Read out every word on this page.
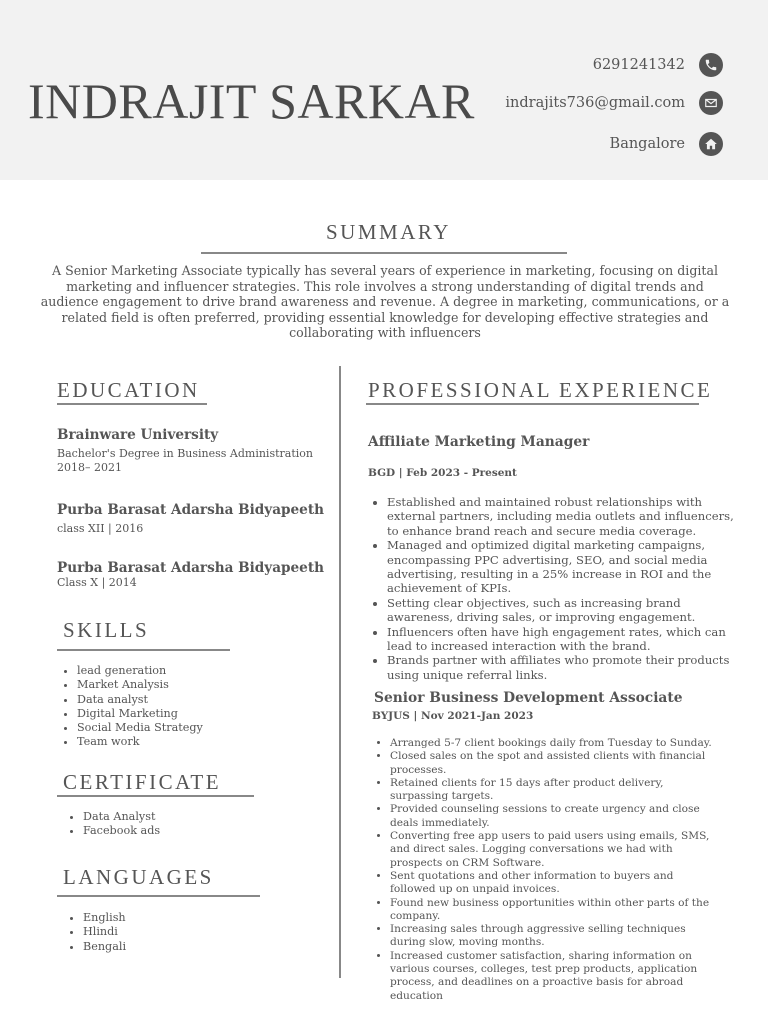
INDRAJIT SARKAR
6291241342
indrajits736@gmail.com
Bangalore
SUMMARY

A Senior Marketing Associate typically has several years of experience in marketing, focusing on digital marketing and influencer strategies. This role involves a strong understanding of digital trends and audience engagement to drive brand awareness and revenue. A degree in marketing, communications, or a related field is often preferred, providing essential knowledge for developing effective strategies and collaborating with influencers

EDUCATION
Brainware University
Bachelor's Degree in Business Administration
2018– 2021
Purba Barasat Adarsha Bidyapeeth
class XII | 2016
Purba Barasat Adarsha Bidyapeeth
Class X | 2014
SKILLS
• lead generation
• Market Analysis
• Data analyst
• Digital Marketing
• Social Media Strategy
• Team work
CERTIFICATE
• Data Analyst
• Facebook ads
LANGUAGES
• English
• Hlindi
• Bengali
PROFESSIONAL EXPERIENCE
Affiliate Marketing Manager
BGD | Feb 2023 - Present
• Established and maintained robust relationships with external partners, including media outlets and influencers, to enhance brand reach and secure media coverage.
• Managed and optimized digital marketing campaigns, encompassing PPC advertising, SEO, and social media advertising, resulting in a 25% increase in ROI and the achievement of KPIs.
• Setting clear objectives, such as increasing brand awareness, driving sales, or improving engagement.
• Influencers often have high engagement rates, which can lead to increased interaction with the brand.
• Brands partner with affiliates who promote their products using unique referral links.
Senior Business Development Associate
BYJUS | Nov 2021-Jan 2023
• Arranged 5-7 client bookings daily from Tuesday to Sunday.
• Closed sales on the spot and assisted clients with financial processes.
• Retained clients for 15 days after product delivery, surpassing targets.
• Provided counseling sessions to create urgency and close deals immediately.
• Converting free app users to paid users using emails, SMS, and direct sales. Logging conversations we had with prospects on CRM Software.
• Sent quotations and other information to buyers and followed up on unpaid invoices.
• Found new business opportunities within other parts of the company.
• Increasing sales through aggressive selling techniques during slow, moving months.
• Increased customer satisfaction, sharing information on various courses, colleges, test prep products, application process, and deadlines on a proactive basis for abroad education
